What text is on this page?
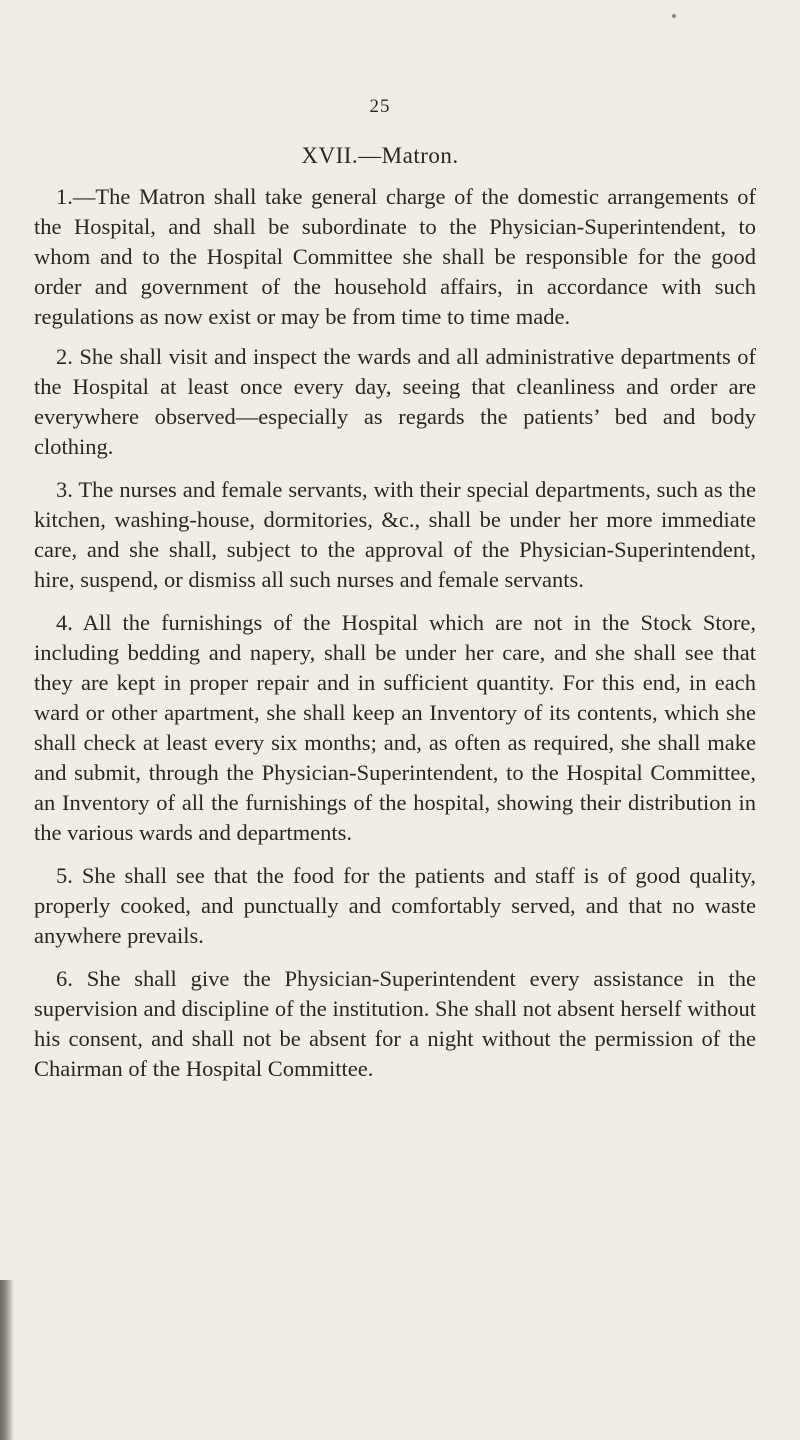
25
XVII.—Matron.

1.—The Matron shall take general charge of the domestic arrangements of the Hospital, and shall be subordinate to the Physician-Superintendent, to whom and to the Hospital Committee she shall be responsible for the good order and government of the household affairs, in accordance with such regulations as now exist or may be from time to time made.

2. She shall visit and inspect the wards and all administrative departments of the Hospital at least once every day, seeing that cleanliness and order are everywhere observed—especially as regards the patients’ bed and body clothing.

3. The nurses and female servants, with their special departments, such as the kitchen, washing-house, dormitories, &c., shall be under her more immediate care, and she shall, subject to the approval of the Physician-Superintendent, hire, suspend, or dismiss all such nurses and female servants.

4. All the furnishings of the Hospital which are not in the Stock Store, including bedding and napery, shall be under her care, and she shall see that they are kept in proper repair and in sufficient quantity. For this end, in each ward or other apartment, she shall keep an Inventory of its contents, which she shall check at least every six months; and, as often as required, she shall make and submit, through the Physician-Superintendent, to the Hospital Committee, an Inventory of all the furnishings of the hospital, showing their distribution in the various wards and departments.

5. She shall see that the food for the patients and staff is of good quality, properly cooked, and punctually and comfortably served, and that no waste anywhere prevails.

6. She shall give the Physician-Superintendent every assistance in the supervision and discipline of the institution. She shall not absent herself without his consent, and shall not be absent for a night without the permission of the Chairman of the Hospital Committee.
